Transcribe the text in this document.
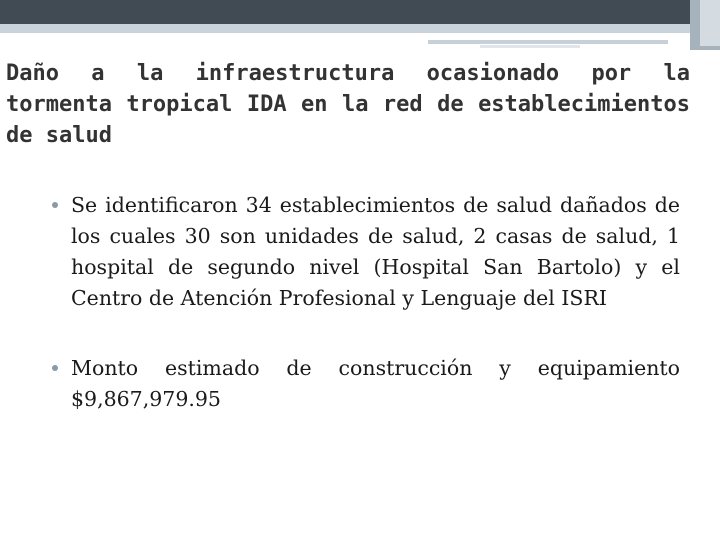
Daño a la infraestructura ocasionado por la tormenta tropical IDA en la red de establecimientos de salud
Se identificaron 34 establecimientos de salud dañados de los cuales 30 son unidades de salud, 2 casas de salud, 1 hospital de segundo nivel (Hospital San Bartolo) y el Centro de Atención Profesional y Lenguaje del ISRI
Monto estimado de construcción y equipamiento $9,867,979.95
